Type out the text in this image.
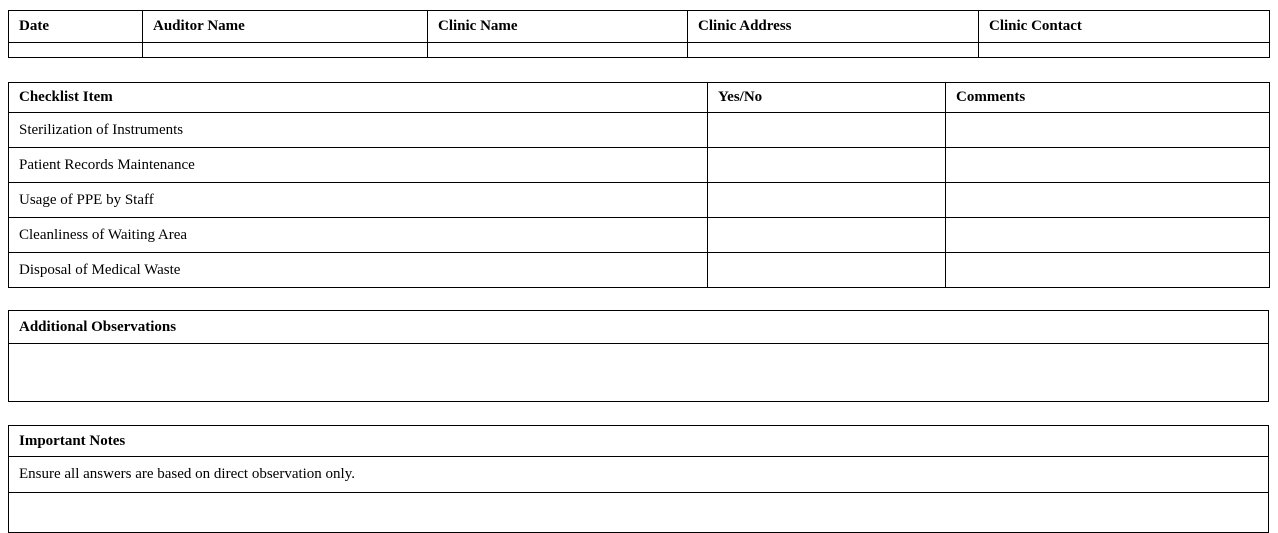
Date	Auditor Name	Clinic Name	Clinic Address	Clinic Contact

Checklist Item	Yes/No	Comments
Sterilization of Instruments		
Patient Records Maintenance		
Usage of PPE by Staff		
Cleanliness of Waiting Area		
Disposal of Medical Waste		
Additional Observations

Important Notes
Ensure all answers are based on direct observation only.
